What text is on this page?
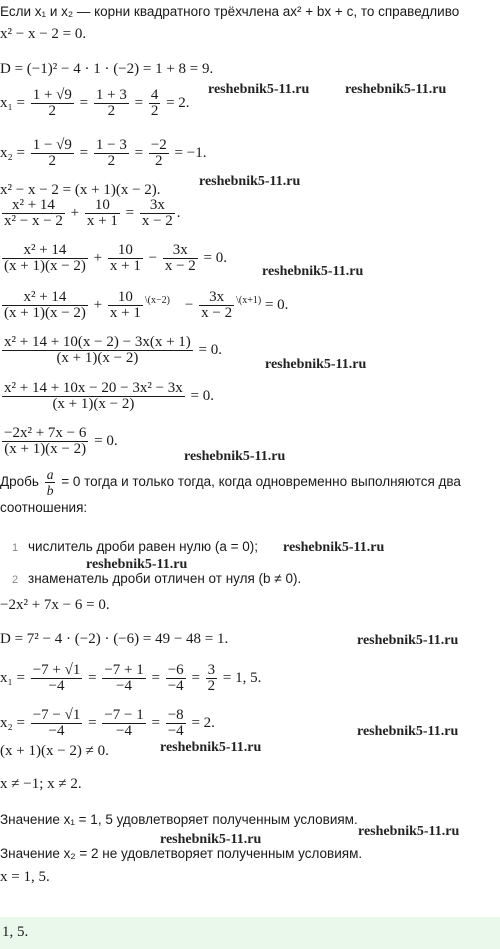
Если x₁ и x₂ — корни квадратного трёхчлена ax² + bx + c, то справедливо
x² − x − 2 = 0.
D = (−1)² − 4 · 1 · (−2) = 1 + 8 = 9.
$x_1 = \frac{1 + √9}{2} = \frac{1 + 3}{2} = \frac{4}{2} = 2$.
$x_2 = \frac{1 - √9}{2} = \frac{1 - 3}{2} = \frac{-2}{2} = -1$.
x² − x − 2 = (x + 1)(x − 2).
$\frac{\text{x² + 14}}{\text{x² − x − 2}} + \frac{10}{x + 1} = \frac{3x}{x - 2}$ .
$\frac{\text{x² + 14}}{(x + 1)(x - 2)} + \frac{10}{x + 1} - \frac{3x}{x - 2} = 0$.
$\frac{\text{x² + 14}}{(x + 1)(x - 2)} + \frac{10}{x + 1} ^{\backslash(x-2)}$    − $\frac{3x}{x - 2} ^{\backslash(x+1)} = 0$.
$\frac{\text{x² + 14 + 10(x − 2) − 3x(x + 1)}}{(x + 1)(x - 2)} = 0$.
$\frac{\text{x² + 14 + 10x − 20 − 3x² − 3x}}{(x + 1)(x - 2)} = 0$.
$\frac{\text{−2x² + 7x − 6}}{(x + 1)(x - 2)} = 0$.
Дробь $\frac{a}{b} = 0$ тогда и только тогда, когда одновременно выполняются два
соотношения:
1 числитель дроби равен нулю (a = 0);
2 знаменатель дроби отличен от нуля (b ≠ 0).
−2x² + 7x − 6 = 0.
D = 7² − 4 · (−2) · (−6) = 49 − 48 = 1.
$x_1 = \frac{-7 + √1}{-4} = \frac{-7 + 1}{-4} = \frac{-6}{-4} = \frac{3}{2} = 1$, 5.
$x_2 = \frac{-7 - √1}{-4} = \frac{-7 - 1}{-4} = \frac{-8}{-4} = 2$.
(x + 1)(x − 2) ≠ 0.
x ≠ −1; x ≠ 2.
Значение x₁ = 1, 5 удовлетворяет полученным условиям.
Значение x₂ = 2 не удовлетворяет полученным условиям.
x = 1, 5.
1, 5.
reshebnik5-11.ru	reshebnik5-11.ru
reshebnik5-11.ru
reshebnik5-11.ru
reshebnik5-11.ru
reshebnik5-11.ru
reshebnik5-11.ru
reshebnik5-11.ru
reshebnik5-11.ru
reshebnik5-11.ru
reshebnik5-11.ru
reshebnik5-11.ru
reshebnik5-11.ru
